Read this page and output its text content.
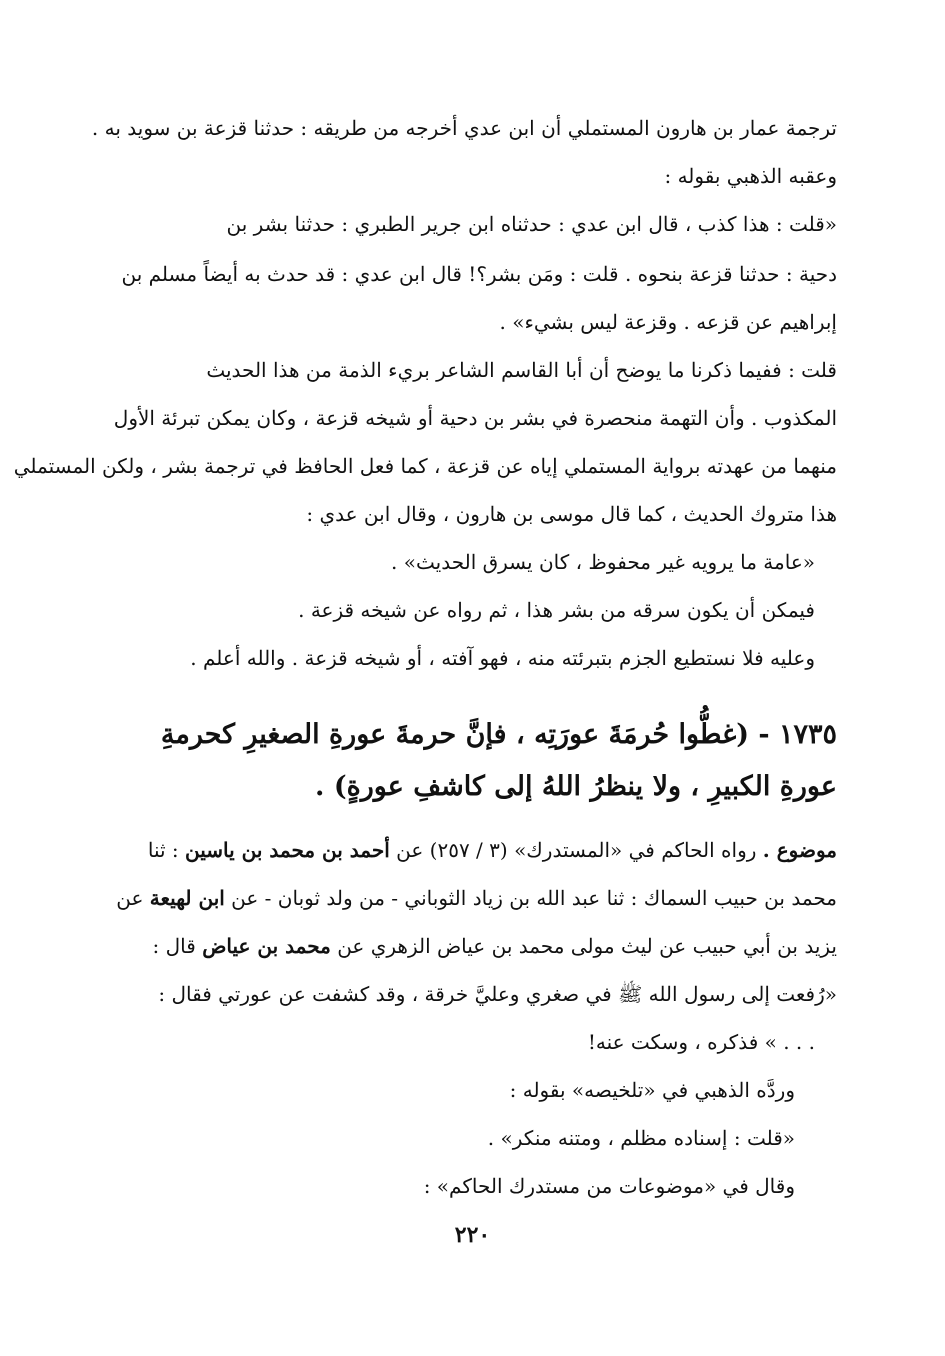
ترجمة عمار بن هارون المستملي أن ابن عدي أخرجه من طريقه : حدثنا قزعة بن سويد به .
وعقبه الذهبي بقوله :
«قلت : هذا كذب ، قال ابن عدي : حدثناه ابن جرير الطبري : حدثنا بشر بن
دحية : حدثنا قزعة بنحوه . قلت : ومَن بشر؟! قال ابن عدي : قد حدث به أيضاً مسلم بن
إبراهيم عن قزعه . وقزعة ليس بشيء» .
قلت : ففيما ذكرنا ما يوضح أن أبا القاسم الشاعر بريء الذمة من هذا الحديث
المكذوب . وأن التهمة منحصرة في بشر بن دحية أو شيخه قزعة ، وكان يمكن تبرئة الأول
منهما من عهدته برواية المستملي إياه عن قزعة ، كما فعل الحافظ في ترجمة بشر ، ولكن المستملي
هذا متروك الحديث ، كما قال موسى بن هارون ، وقال ابن عدي :
«عامة ما يرويه غير محفوظ ، كان يسرق الحديث» .
فيمكن أن يكون سرقه من بشر هذا ، ثم رواه عن شيخه قزعة .
وعليه فلا نستطيع الجزم بتبرئته منه ، فهو آفته ، أو شيخه قزعة . والله أعلم .
١٧٣٥ - (غطُّوا حُرمَةَ عورَتِه ، فإنَّ حرمةَ عورةِ الصغيرِ كحرمةِ
عورةِ الكبيرِ ، ولا ينظرُ اللهُ إلى كاشفِ عورةٍ) .
موضوع . رواه الحاكم في «المستدرك» (٣ / ٢٥٧) عن أحمد بن محمد بن ياسين : ثنا
محمد بن حبيب السماك : ثنا عبد الله بن زياد الثوباني - من ولد ثوبان - عن ابن لهيعة عن
يزيد بن أبي حبيب عن ليث مولى محمد بن عياض الزهري عن محمد بن عياض قال :
«رُفعت إلى رسول الله ﷺ في صغري وعليَّ خرقة ، وقد كشفت عن عورتي فقال :
. . . » فذكره ، وسكت عنه!
وردَّه الذهبي في «تلخيصه» بقوله :
«قلت : إسناده مظلم ، ومتنه منكر» .
وقال في «موضوعات من مستدرك الحاكم» :
٢٢٠
